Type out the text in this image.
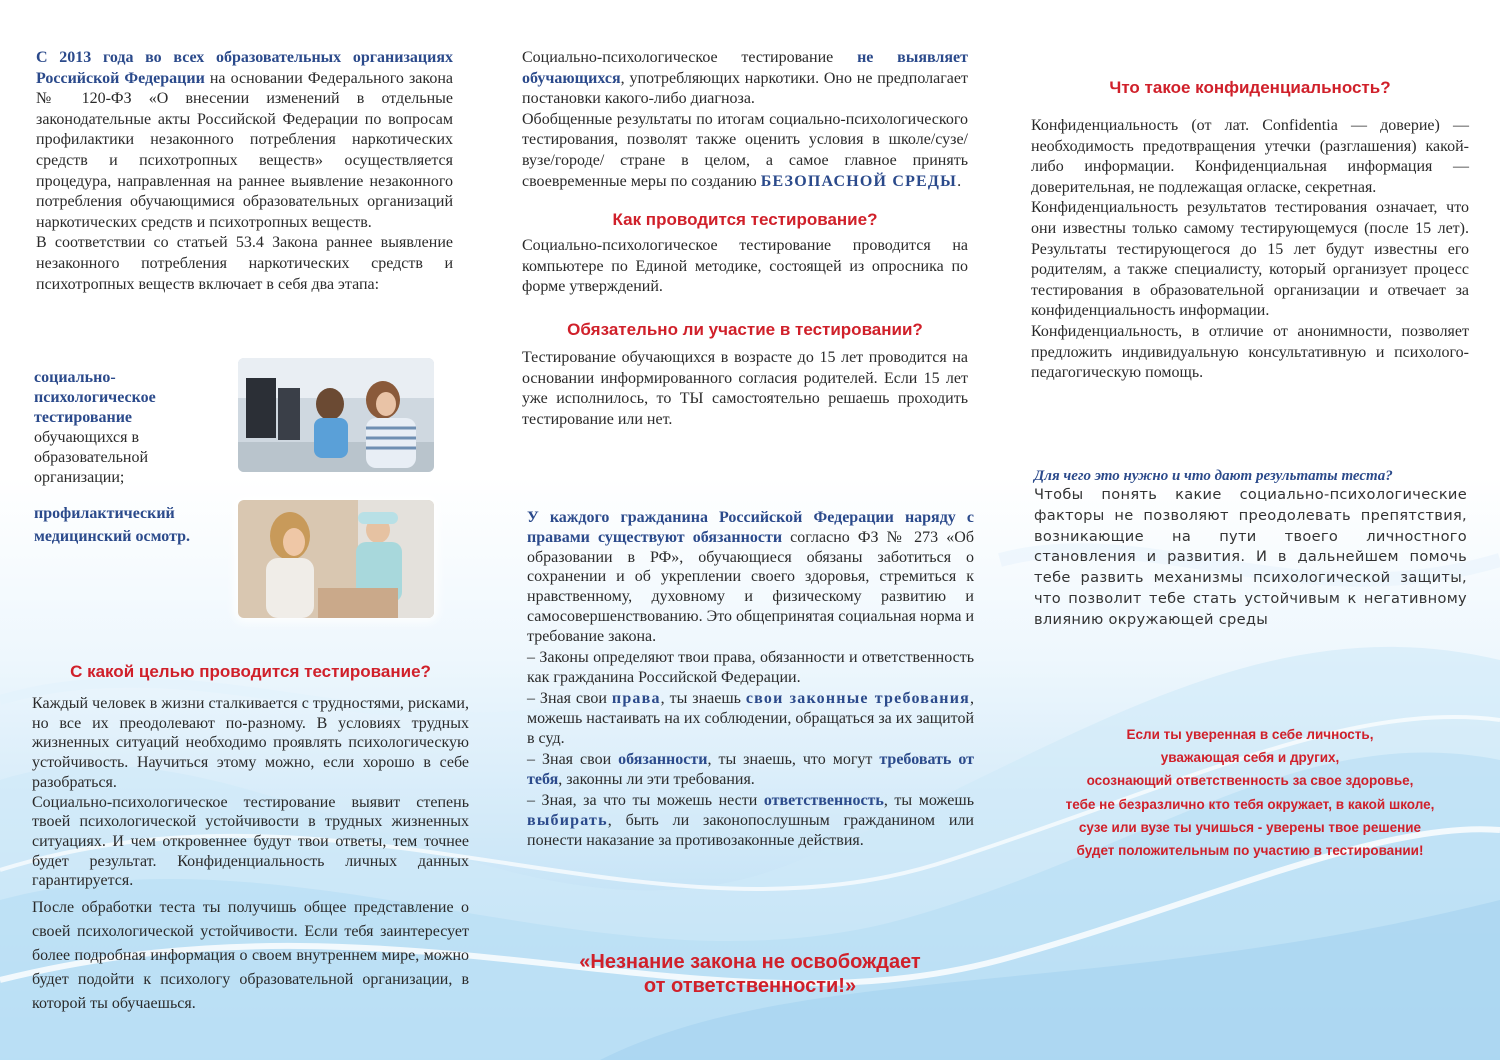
С 2013 года во всех образовательных организациях Российской Федерации на основании Федерального закона № 120-ФЗ «О внесении изменений в отдельные законодательные акты Российской Федерации по вопросам профилактики незаконного потребления наркотических средств и психотропных веществ» осуществляется процедура, направленная на раннее выявление незаконного потребления обучающимися образовательных организаций наркотических средств и психотропных веществ.

В соответствии со статьей 53.4 Закона раннее выявление незаконного потребления наркотических средств и психотропных веществ включает в себя два этапа:

социально-психологическое тестирование
обучающихся в образовательной организации;
профилактический медицинский осмотр.
С какой целью проводится тестирование?

Каждый человек в жизни сталкивается с трудностями, рисками, но все их преодолевают по-разному. В условиях трудных жизненных ситуаций необходимо проявлять психологическую устойчивость. Научиться этому можно, если хорошо в себе разобраться.

Социально-психологическое тестирование выявит степень твоей психологической устойчивости в трудных жизненных ситуациях. И чем откровеннее будут твои ответы, тем точнее будет результат. Конфиденциальность личных данных гарантируется.

После обработки теста ты получишь общее представление о своей психологической устойчивости. Если тебя заинтересует более подробная информация о своем внутреннем мире, можно будет подойти к психологу образовательной организации, в которой ты обучаешься.

Социально-психологическое тестирование не выявляет обучающихся, употребляющих наркотики. Оно не предполагает постановки какого-либо диагноза.

Обобщенные результаты по итогам социально-психологического тестирования, позволят также оценить условия в школе/сузе/вузе/городе/ стране в целом, а самое главное принять своевременные меры по созданию БЕЗОПАСНОЙ СРЕДЫ.

Как проводится тестирование?

Социально-психологическое тестирование проводится на компьютере по Единой методике, состоящей из опросника по форме утверждений.

Обязательно ли участие в тестировании?

Тестирование обучающихся в возрасте до 15 лет проводится на основании информированного согласия родителей. Если 15 лет уже исполнилось, то ТЫ самостоятельно решаешь проходить тестирование или нет.

У каждого гражданина Российской Федерации наряду с правами существуют обязанности согласно ФЗ № 273 «Об образовании в РФ», обучающиеся обязаны заботиться о сохранении и об укреплении своего здоровья, стремиться к нравственному, духовному и физическому развитию и самосовершенствованию. Это общепринятая социальная норма и требование закона.

– Законы определяют твои права, обязанности и ответственность как гражданина Российской Федерации.
– Зная свои права, ты знаешь свои законные требования, можешь настаивать на их соблюдении, обращаться за их защитой в суд.
– Зная свои обязанности, ты знаешь, что могут требовать от тебя, законны ли эти требования.
– Зная, за что ты можешь нести ответственность, ты можешь выбирать, быть ли законопослушным гражданином или понести наказание за противозаконные действия.
«Незнание закона не освобождает
от ответственности!»
Что такое конфиденциальность?

Конфиденциальность (от лат. Confidentia — доверие) — необходимость предотвращения утечки (разглашения) какой-либо информации. Конфиденциальная информация — доверительная, не подлежащая огласке, секретная.

Конфиденциальность результатов тестирования означает, что они известны только самому тестирующемуся (после 15 лет). Результаты тестирующегося до 15 лет будут известны его родителям, а также специалисту, который организует процесс тестирования в образовательной организации и отвечает за конфиденциальность информации.

Конфиденциальность, в отличие от анонимности, позволяет предложить индивидуальную консультативную и психолого-педагогическую помощь.

Для чего это нужно и что дают результаты теста?

Чтобы понять какие социально-психологические факторы не позволяют преодолевать препятствия, возникающие на пути твоего личностного становления и развития. И в дальнейшем помочь тебе развить механизмы психологической защиты, что позволит тебе стать устойчивым к негативному влиянию окружающей среды

Если ты уверенная в себе личность,
уважающая себя и других,
осознающий ответственность за свое здоровье,
тебе не безразлично кто тебя окружает, в какой школе,
сузе или вузе ты учишься - уверены твое решение
будет положительным по участию в тестировании!
